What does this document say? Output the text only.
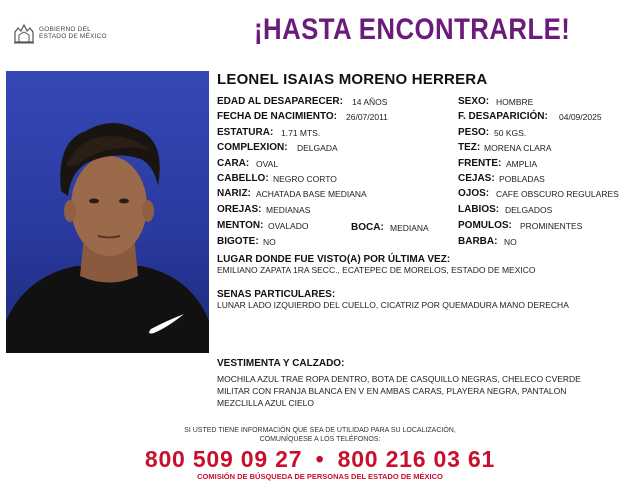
GOBIERNO DEL
ESTADO DE MÉXICO	¡HASTA ENCONTRARLE!
LEONEL ISAIAS MORENO HERRERA
EDAD AL DESAPARECER: 14 AÑOS
FECHA DE NACIMIENTO: 26/07/2011
ESTATURA: 1.71 MTS.
COMPLEXION: DELGADA
CARA: OVAL
CABELLO: NEGRO CORTO
NARIZ: ACHATADA BASE MEDIANA
OREJAS: MEDIANAS
MENTON: OVALADO	BOCA: MEDIANA
BIGOTE: NO
SEXO: HOMBRE
F. DESAPARICIÓN: 04/09/2025
PESO: 50 KGS.
TEZ: MORENA CLARA
FRENTE: AMPLIA
CEJAS: POBLADAS
OJOS: CAFE OBSCURO REGULARES
LABIOS: DELGADOS
POMULOS: PROMINENTES
BARBA: NO
LUGAR DONDE FUE VISTO(A) POR ÚLTIMA VEZ:
EMILIANO ZAPATA 1RA SECC., ECATEPEC DE MORELOS, ESTADO DE MEXICO
SENAS PARTICULARES:
LUNAR LADO IZQUIERDO DEL CUELLO, CICATRIZ POR QUEMADURA MANO DERECHA
VESTIMENTA Y CALZADO:
MOCHILA AZUL TRAE ROPA DENTRO, BOTA DE CASQUILLO NEGRAS, CHELECO CVERDE MILITAR CON FRANJA BLANCA EN V EN AMBAS CARAS, PLAYERA NEGRA, PANTALON MEZCLILLA AZUL CIELO
SI USTED TIENE INFORMACIÓN QUE SEA DE UTILIDAD PARA SU LOCALIZACIÓN,
COMUNÍQUESE A LOS TELÉFONOS:
800 509 09 27 • 800 216 03 61
COMISIÓN DE BÚSQUEDA DE PERSONAS DEL ESTADO DE MÉXICO
